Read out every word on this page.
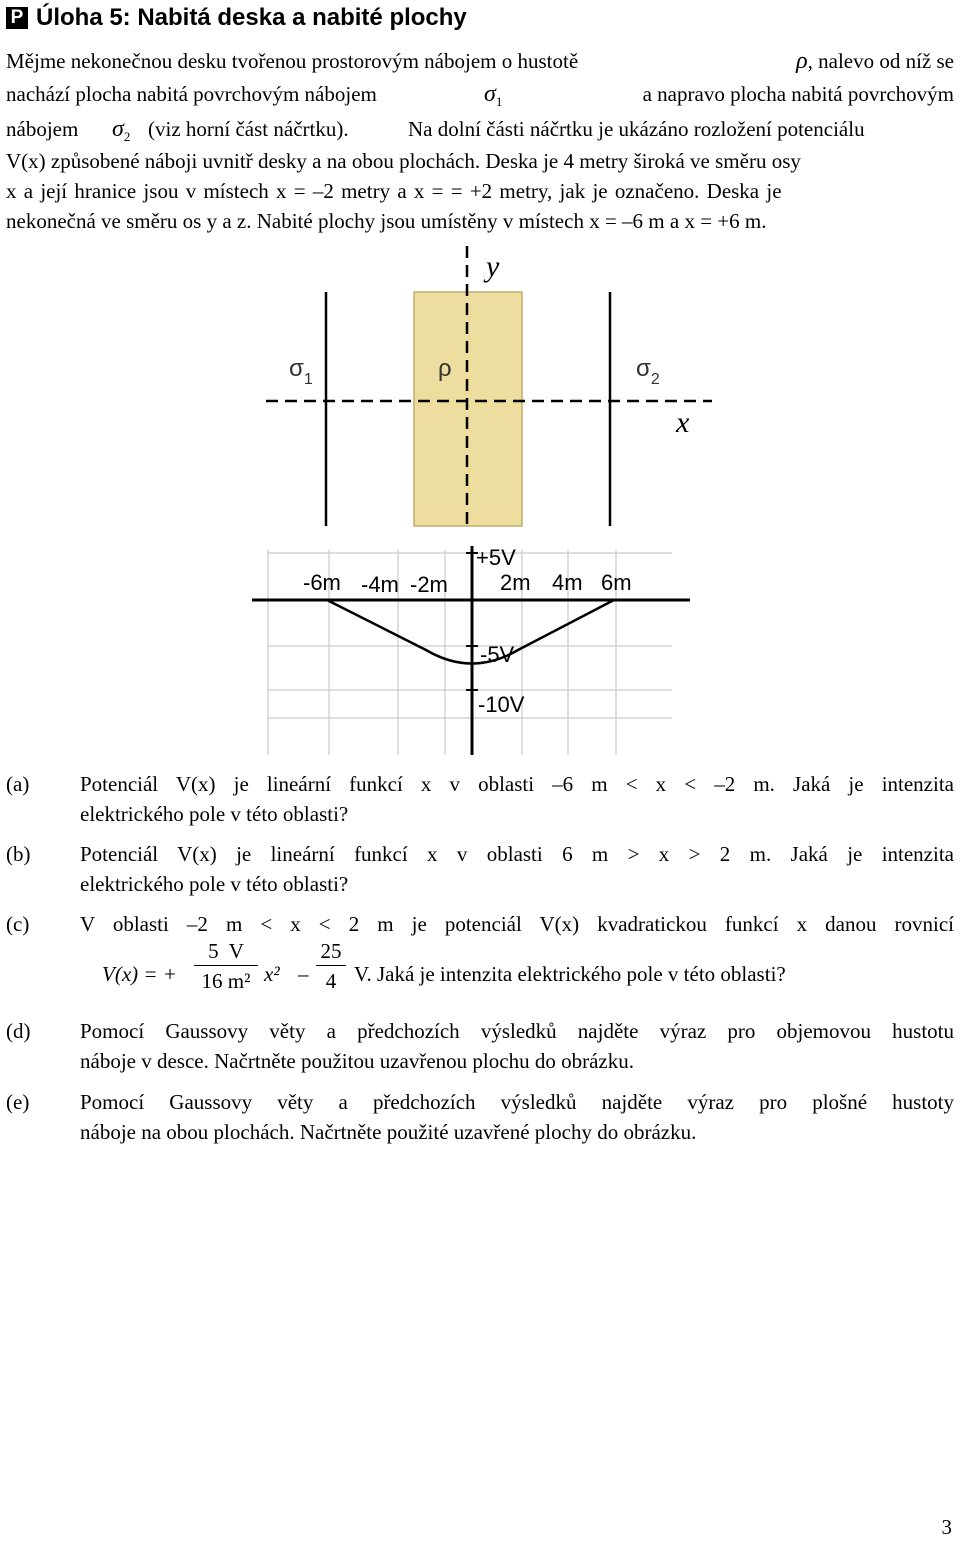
P Úloha 5: Nabitá deska a nabité plochy
Mějme nekonečnou desku tvořenou prostorovým nábojem o hustotě	ρ, nalevo od níž se
nachází plocha nabitá povrchovým nábojem	$\sigma_1$	a napravo plocha nabitá povrchovým
nábojem $\sigma_2$ (viz horní část náčrtku).	Na dolní části náčrtku je ukázáno rozložení potenciálu
V(x) způsobené náboji uvnitř desky a na obou plochách. Deska je 4 metry široká ve směru osy
x a její hranice jsou v místech x = –2 metry a x = = +2 metry, jak je označeno. Deska je
nekonečná ve směru os y a z. Nabité plochy jsou umístěny v místech x = –6 m a x = +6 m.
y
x
$\sigma_1$	ρ	$\sigma_2$
+5V
-6m -4m -2m 2m 4m 6m
-5V
-10V
(a) Potenciál V(x) je lineární funkcí x v oblasti –6 m < x < –2 m. Jaká je intenzita
elektrického pole v této oblasti?
(b) Potenciál V(x) je lineární funkcí x v oblasti 6 m > x > 2 m. Jaká je intenzita
elektrického pole v této oblasti?
(c) V oblasti –2 m < x < 2 m je potenciál V(x) kvadratickou funkcí x danou rovnicí
V(x) = + $\frac{5 V}{\text{16 m²}} x^2 - \frac{25}{4} V$. Jaká je intenzita elektrického pole v této oblasti?
(d) Pomocí Gaussovy věty a předchozích výsledků najděte výraz pro objemovou hustotu
náboje v desce. Načrtněte použitou uzavřenou plochu do obrázku.
(e) Pomocí Gaussovy věty a předchozích výsledků najděte výraz pro plošné hustoty
náboje na obou plochách. Načrtněte použité uzavřené plochy do obrázku.
3
